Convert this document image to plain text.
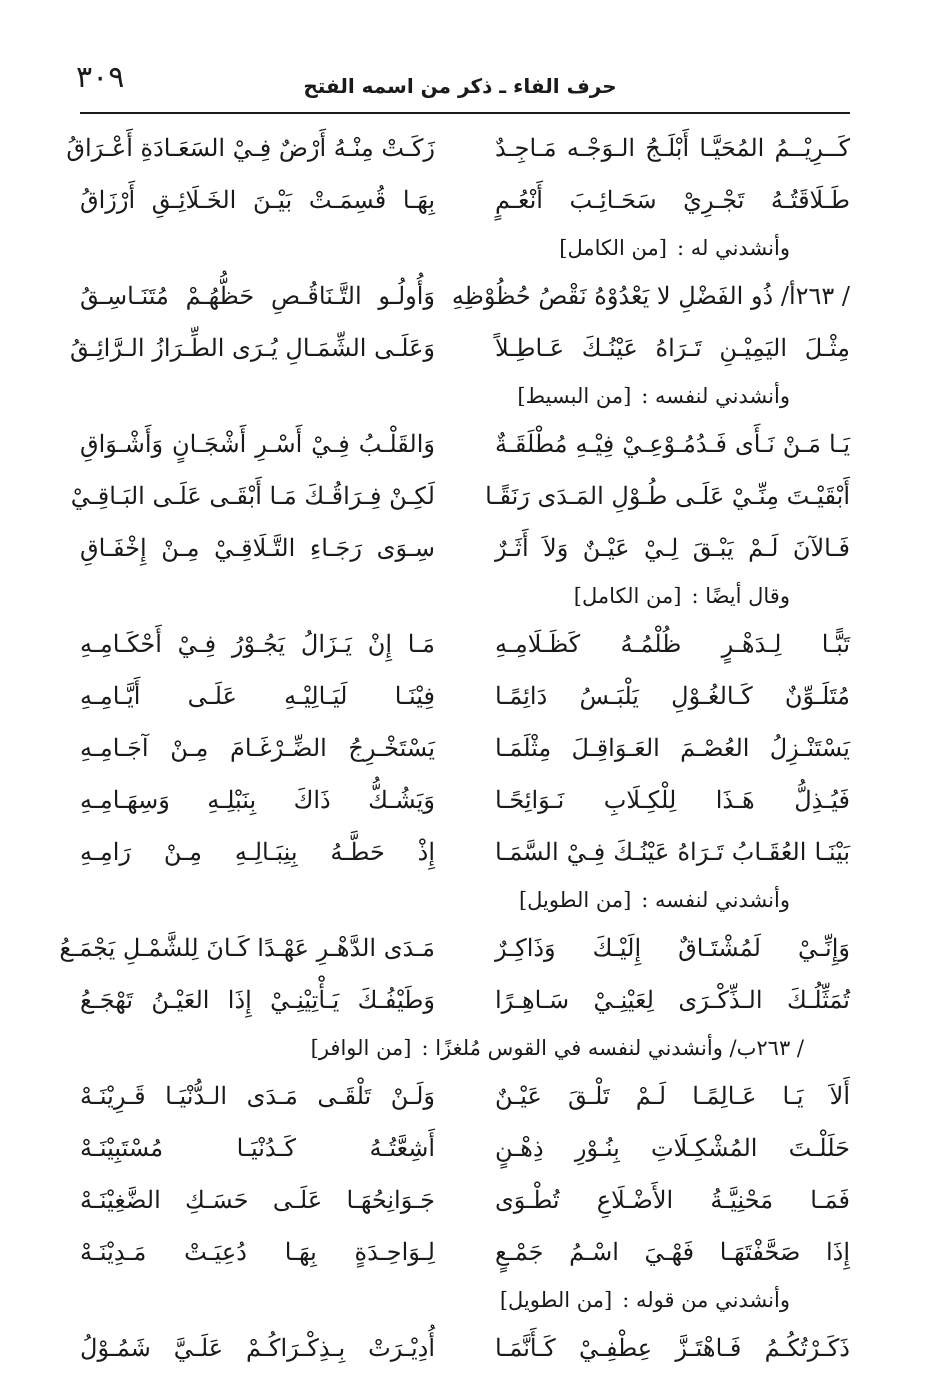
٣٠٩	حرف الفاء ـ ذكر من اسمه الفتح
كَــرِيْــمُ المُحَيَّـا أَبْلَـجُ الـوَجْـه مَـاجِـدٌ
زَكَـتْ مِنْـهُ أَرْضٌ فِـيْ السَعَـادَةِ أَعْـرَاقُ
طَـلَاقَتُـهُ تَجْـرِيْ سَحَـائِـبَ أَنْعُـمٍ
بِهَـا قُسِمَـتْ بَيْـنَ الخَـلَائِـقِ أَرْزَاقُ
وأنشدني له :
[من الكامل]
/ ٢٦٣أ/ ذُو الفَضْلِ لا يَعْدُوْهُ نَقْصُ حُظُوْظِهِ
وَأُولُـو التَّـنَاقُـصِ حَظُّهُـمْ مُتَنَـاسِـقُ
مِثْـلَ اليَمِيْـنِ تَـرَاهُ عَيْنُـكَ عَـاطِـلاً
وَعَلَـى الشِّمَـالِ يُـرَى الطِّـرَازُ الـرَّائِـقُ
وأنشدني لنفسه :
[من البسيط]
يَـا مَـنْ نَـأَى فَـدُمُـوْعِـيْ فِيْـهِ مُطْلَقَـةٌ
وَالقَلْـبُ فِـيْ أَسْـرِ أَشْجَـانٍ وَأَشْـوَاقِ
أَبْقَيْـتَ مِنِّـيْ عَلَـى طُـوْلِ المَـدَى رَنَقًـا
لَكِـنْ فِـرَاقُـكَ مَـا أَبْقَـى عَلَـى البَـاقِـيْ
فَـالآنَ لَـمْ يَبْـقَ لِـيْ عَيْـنٌ وَلاَ أَثَـرٌ
سِـوَى رَجَـاءِ التَّـلَاقِـيْ مِـنْ إِخْفَـاقِ
وقال أيضًا :
[من الكامل]
تَبًّـا لِـدَهْـرٍ ظُلْمُـهُ كَظَـلَامِـهِ
مَـا إِنْ يَـزَالُ يَجُـوْرُ فِـيْ أَحْكَـامِـهِ
مُتَلَـوِّنٌ كَـالغُـوْلِ يَلْبَـسُ دَائِمًـا
فِيْنَـا لَيَـالِيْـهِ عَلَـى أَيَّـامِـهِ
يَسْتَنْـزِلُ العُصْـمَ العَـوَاقِـلَ مِثْلَمَـا
يَسْتَخْـرِجُ الضِّـرْغَـامَ مِـنْ آجَـامِـهِ
فَيُـذِلُّ هَـذَا لِلْكِـلَابِ نَـوَائِحًـا
وَيَشُـكُّ ذَاكَ بِنَبْلِـهِ وَسِهَـامِـهِ
بَيْنَـا العُقَـابُ تَـرَاهُ عَيْنُـكَ فِـيْ السَّمَـا
إِذْ حَطَّـهُ بِنِبَـالِـهِ مِـنْ رَامِـهِ
وأنشدني لنفسه :
[من الطويل]
وَإِنِّـيْ لَمُشْتَـاقٌ إِلَيْـكَ وَذَاكِـرٌ
مَـدَى الدَّهْـرِ عَهْـدًا كَـانَ لِلشَّمْـلِ يَجْمَـعُ
تُمَثِّلُـكَ الـذِّكْـرَى لِعَيْنِـيْ سَـاهِـرًا
وَطَيْفُـكَ يَـأْتِيْنِـيْ إِذَا العَيْـنُ تَهْجَـعُ
/ ٢٦٣ب/ وأنشدني لنفسه في القوس مُلغزًا :
[من الوافر]
أَلاَ يَـا عَـالِمًـا لَـمْ تَلْـقَ عَيْـنٌ
وَلَـنْ تَلْقَـى مَـدَى الـدُّنْيَـا قَـرِيْنَـهْ
حَلَلْـتَ المُشْكِـلَاتِ بِنُـوْرِ ذِهْـنٍ
أَشِعَّتُـهُ كَـدُنْيَـا مُسْتَبِيْنَـهْ
فَمَـا مَحْنِيَّـةُ الأَضْـلَاعِ تُطْـوَى
جَـوَانِحُهَـا عَلَـى حَسَـكِ الضَّغِيْنَـهْ
إِذَا صَحَّفْتَهَـا فَهْـيَ اسْـمُ جَمْـعٍ
لِـوَاحِـدَةٍ بِهَـا دُعِيَـتْ مَـدِيْنَـهْ
وأنشدني من قوله :
[من الطويل]
ذَكَـرْتُكُـمُ فَـاهْتَـزَّ عِطْفِـيْ كَـأَنَّمَـا
أُدِيْـرَتْ بِـذِكْـرَاكُـمْ عَلَـيَّ شَمُـوْلُ
